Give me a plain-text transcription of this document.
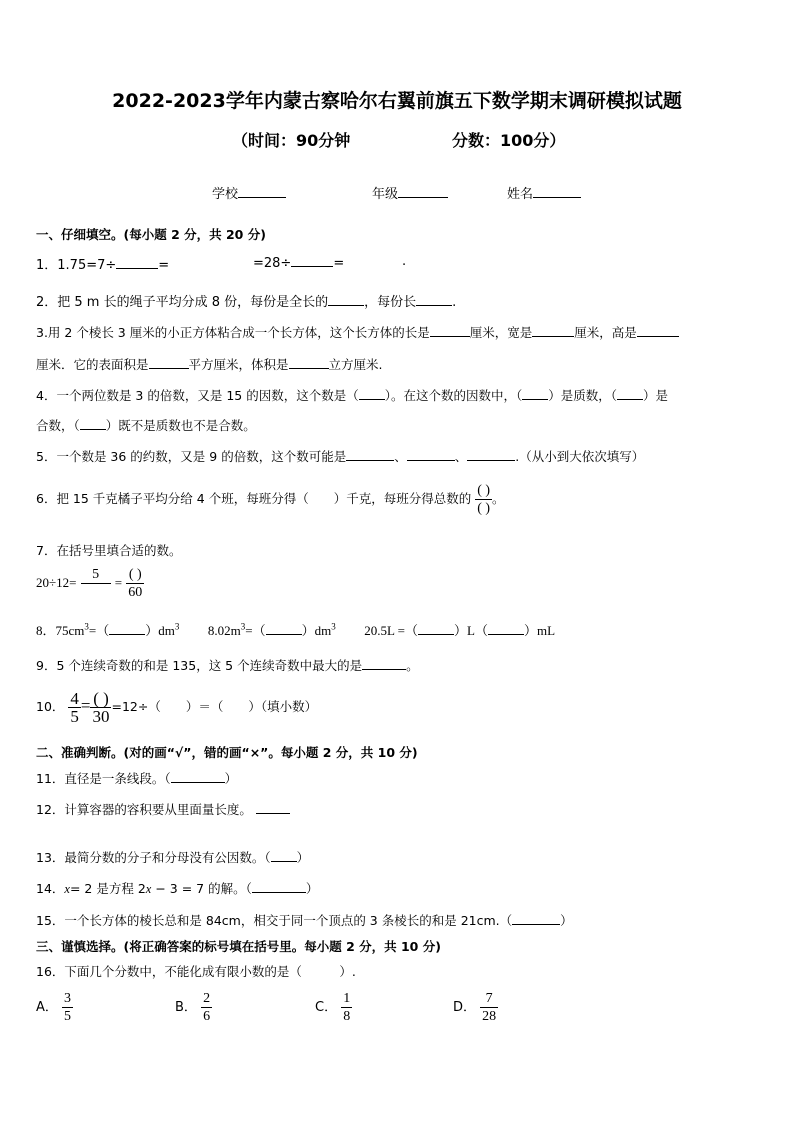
2022-2023学年内蒙古察哈尔右翼前旗五下数学期末调研模拟试题
（时间：90分钟	分数：100分）
学校	年级	姓名
一、仔细填空。(每小题 2 分，共 20 分)
1．1.75=7÷	=	=28÷	=	.
2．把 5 m 长的绳子平均分成 8 份，每份是全长的	，每份长	.
3.用 2 个棱长 3 厘米的小正方体粘合成一个长方体，这个长方体的长是	厘米，宽是	厘米，高是
厘米．它的表面积是	平方厘米，体积是	立方厘米.
4．一个两位数是 3 的倍数，又是 15 的因数，这个数是（ ）。在这个数的因数中，（ ）是质数，（ ）是
合数，（ ）既不是质数也不是合数。
5．一个数是 36 的约数，又是 9 的倍数，这个数可能是	、	、	.（从小到大依次填写）
6．把 15 千克橘子平均分给 4 个班，每班分得（　　）千克，每班分得总数的 $\frac{( )}{( )}$ 。
7．在括号里填合适的数。
20÷12=
5

= $\frac{( )}{60}$
8．$75cm^3=$（	）$dm^3$ $8.02m^3=$（	）$dm^3$ 20.5L =（	）L（	）mL
9．5 个连续奇数的和是 135，这 5 个连续奇数中最大的是	。
10． $\frac{4}{5} = \frac{( )}{30} =12\div$（　　）＝（　　）（填小数）
二、准确判断。(对的画“√”，错的画“×”。每小题 2 分，共 10 分)
11．直径是一条线段。（	）
12．计算容器的容积要从里面量长度。
13．最简分数的分子和分母没有公因数。（ ）
14．x= 2 是方程 2x − 3 = 7 的解。（	）
15．一个长方体的棱长总和是 84cm，相交于同一个顶点的 3 条棱长的和是 21cm.（	）
三、谨慎选择。(将正确答案的标号填在括号里。每小题 2 分，共 10 分)
16．下面几个分数中，不能化成有限小数的是（　　　）.
A． $\frac{3}{5}$	B． $\frac{2}{6}$	C． $\frac{1}{8}$	D． $\frac{7}{28}$
